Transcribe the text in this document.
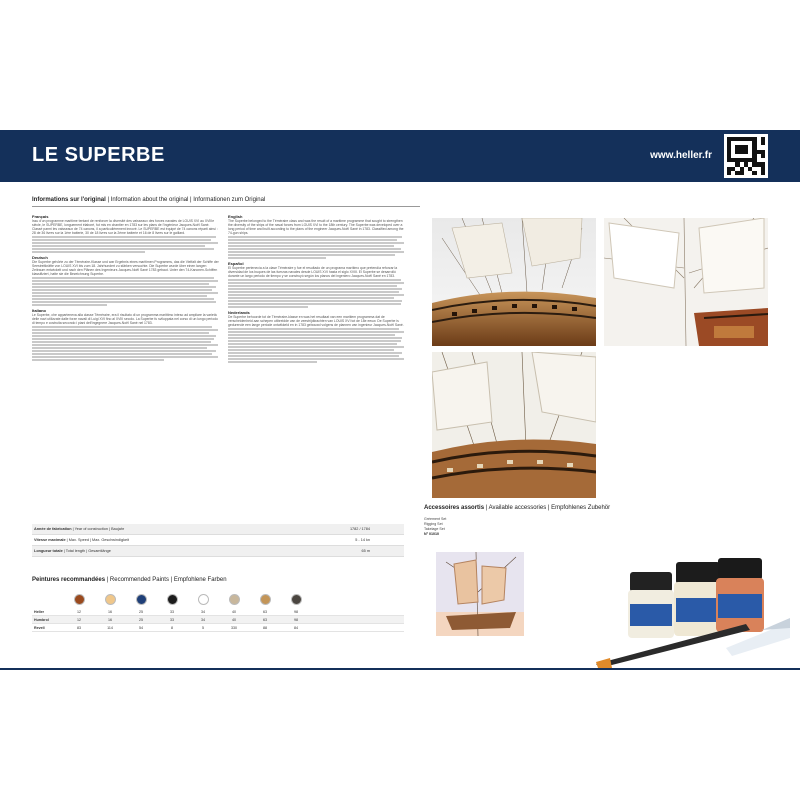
LE SUPERBE	www.heller.fr
Informations sur l'original | Information about the original | Informationen zum Original
Français
Issu d'un programme maritime tentant de renforcer la diversité des vaisseaux des forces navales de LOUIS XVI au XVIIIe siècle, le SUPERBE, longuement élaboré, fut mis en chantier en 1783 sur les plans de l'ingénieur Jacques-Noël Sané. Classé parmi les vaisseaux de 74 canons, il a particulièrement innové. Le SUPERBE est équipé de 74 canons réparti ainsi : 28 de 36 livres sur la 1ère batterie, 30 de 18 livres sur la 2ème batterie et 16 de 8 livres sur le gaillard.
Deutsch
Die Superbe gehörte zu der Téméraire-Klasse und war Ergebnis eines maritimen Programms, das die Vielfalt der Schiffe der Seestreitkräfte von LOUIS XVI bis zum 18. Jahrhundert zu stärken versuchte. Die Superbe wurde über einen langen Zeitraum entwickelt und nach den Plänen des Ingenieurs Jacques-Noël Sané 1783 gebaut. Unter den 74-Kanonen-Schiffen klassifiziert, hatte sie die Bezeichnung Superbe.
Italiano
Le Superbe, che apparteneva alla classe Téméraire, era il risultato di un programma marittimo inteso ad ampliare la varietà delle navi utilizzate dalle forze navali di Luigi XVI fino al XVIII secolo. La Superbe fu sviluppata nel corso di un lungo periodo di tempo e costruita secondo i piani dell'ingegnere Jacques-Noël Sané nel 1783.
English
The Superbe belonged to the Téméraire class and was the result of a maritime programme that sought to strengthen the diversity of the ships of the naval forces from LOUIS XVI to the 18th century. The Superbe was developed over a long period of time and built according to the plans of the engineer Jacques-Noël Sané in 1783. Classified among the 74-gun ships.
Español
El Superbe pertenecía a la clase Téméraire y fue el resultado de un programa marítimo que pretendía reforzar la diversidad de los buques de las fuerzas navales desde LOUIS XVI hasta el siglo XVIII. El Superbe se desarrolló durante un largo periodo de tiempo y se construyó según los planos del ingeniero Jacques-Noël Sané en 1783.
Nederlands
De Superbe behoorde tot de Téméraire-klasse en was het resultaat van een maritiem programma dat de verscheidenheid aan schepen uitbreidde van de zeestrijdkrachten van LOUIS XVI tot de 18e eeuw. De Superbe is gedurende een lange periode ontwikkeld en in 1783 gebouwd volgens de plannen van ingenieur Jacques-Noël Sané.
Année de fabrication | Year of construction | Baujahr	1782 / 1784
Vitesse maximale | Max. Speed | Max. Geschwindigkeit	5 - 14 kn
Longueur totale | Total length | Gesamtlänge	65 m
Peintures recommandées | Recommended Paints | Empfohlene Farben
Heller	12	16	25	33	34	40	63	98
Humbrol	12	16	25	33	34	40	63	98
Revell	83	114	54	8	5	330	88	84
Accessoires assortis | Available accessories | Empfohlenes Zubehör
Gréement Set
Rigging Set
Takelage Set
N° 01010
